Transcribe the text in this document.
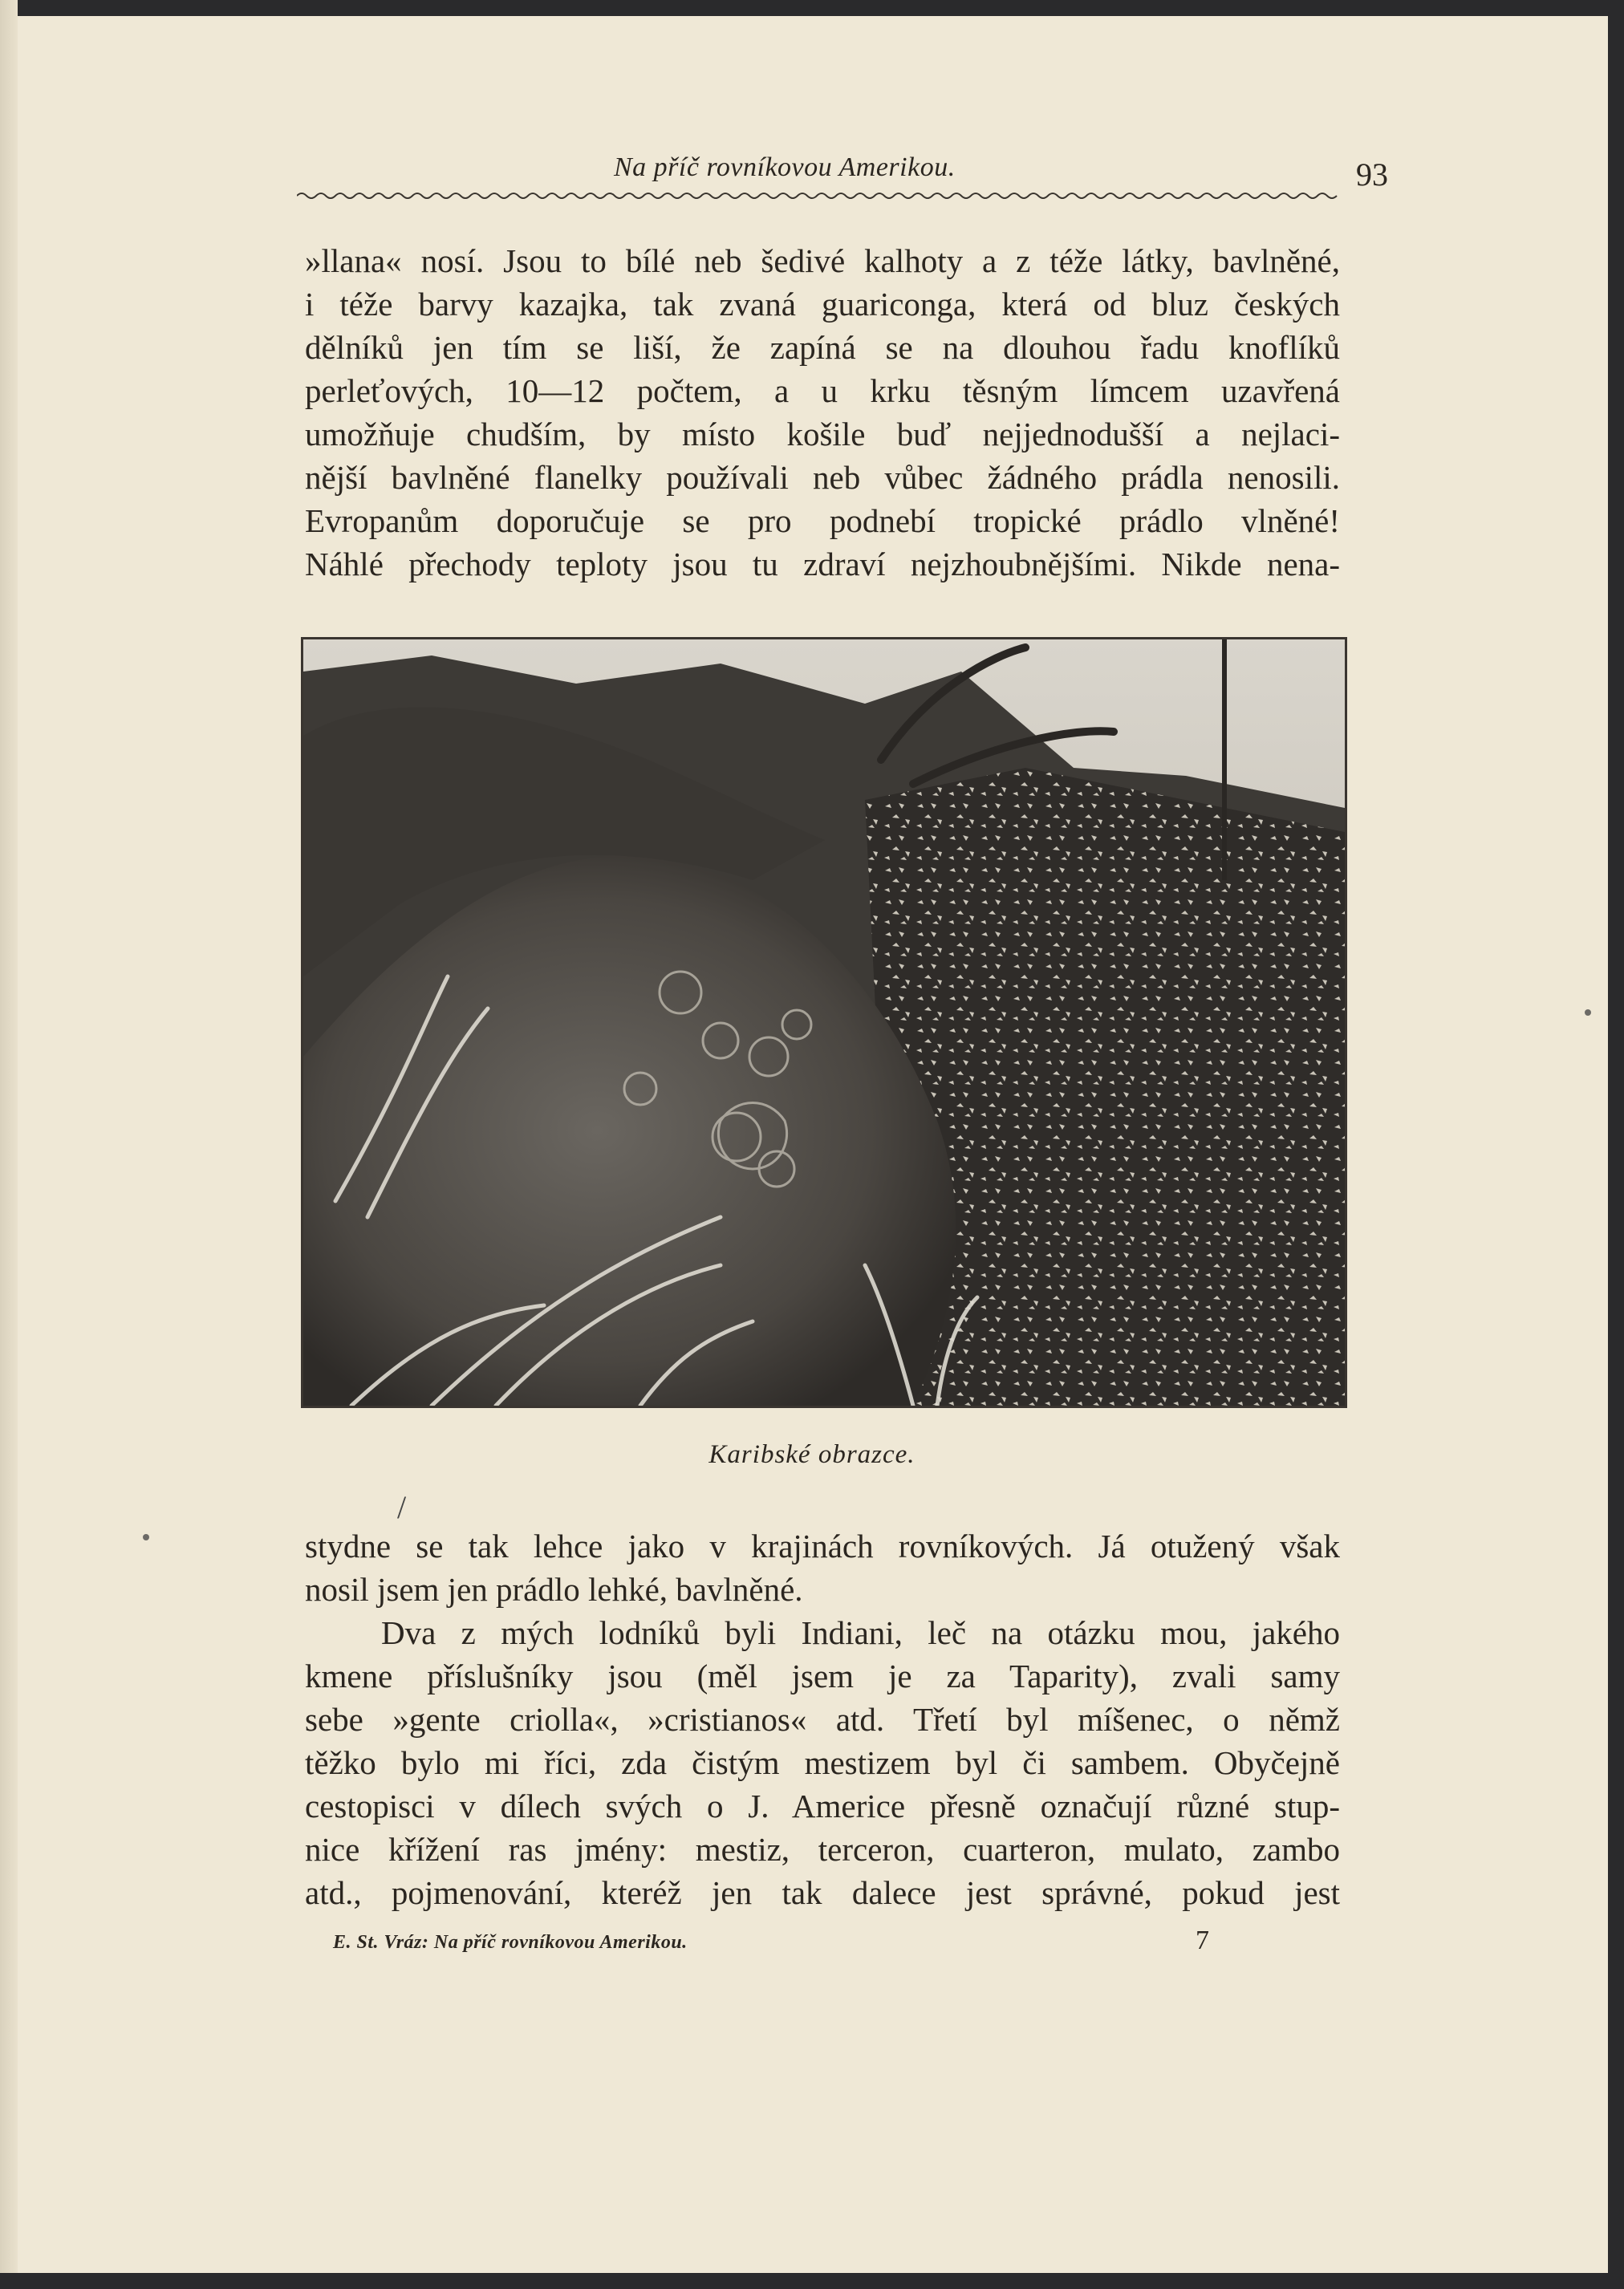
Na příč rovníkovou Amerikou.	93
»llana« nosí. Jsou to bílé neb šedivé kalhoty a z téže látky, bavlněné,
i téže barvy kazajka, tak zvaná guariconga, která od bluz českých
dělníků jen tím se liší, že zapíná se na dlouhou řadu knoflíků
perleťových, 10—12 počtem, a u krku těsným límcem uzavřená
umožňuje chudším, by místo košile buď nejjednodušší a nejlaci-
nější bavlněné flanelky používali neb vůbec žádného prádla nenosili.
Evropanům doporučuje se pro podnebí tropické prádlo vlněné!
Náhlé přechody teploty jsou tu zdraví nejzhoubnějšími. Nikde nena-
Karibské obrazce.
/
stydne se tak lehce jako v krajinách rovníkových. Já otužený však
nosil jsem jen prádlo lehké, bavlněné.
Dva z mých lodníků byli Indiani, leč na otázku mou, jakého
kmene příslušníky jsou (měl jsem je za Taparity), zvali samy
sebe »gente criolla«, »cristianos« atd. Třetí byl míšenec, o němž
těžko bylo mi říci, zda čistým mestizem byl či sambem. Obyčejně
cestopisci v dílech svých o J. Americe přesně označují různé stup-
nice křížení ras jmény: mestiz, terceron, cuarteron, mulato, zambo
atd., pojmenování, kteréž jen tak dalece jest správné, pokud jest
E. St. Vráz: Na příč rovníkovou Amerikou.	7
